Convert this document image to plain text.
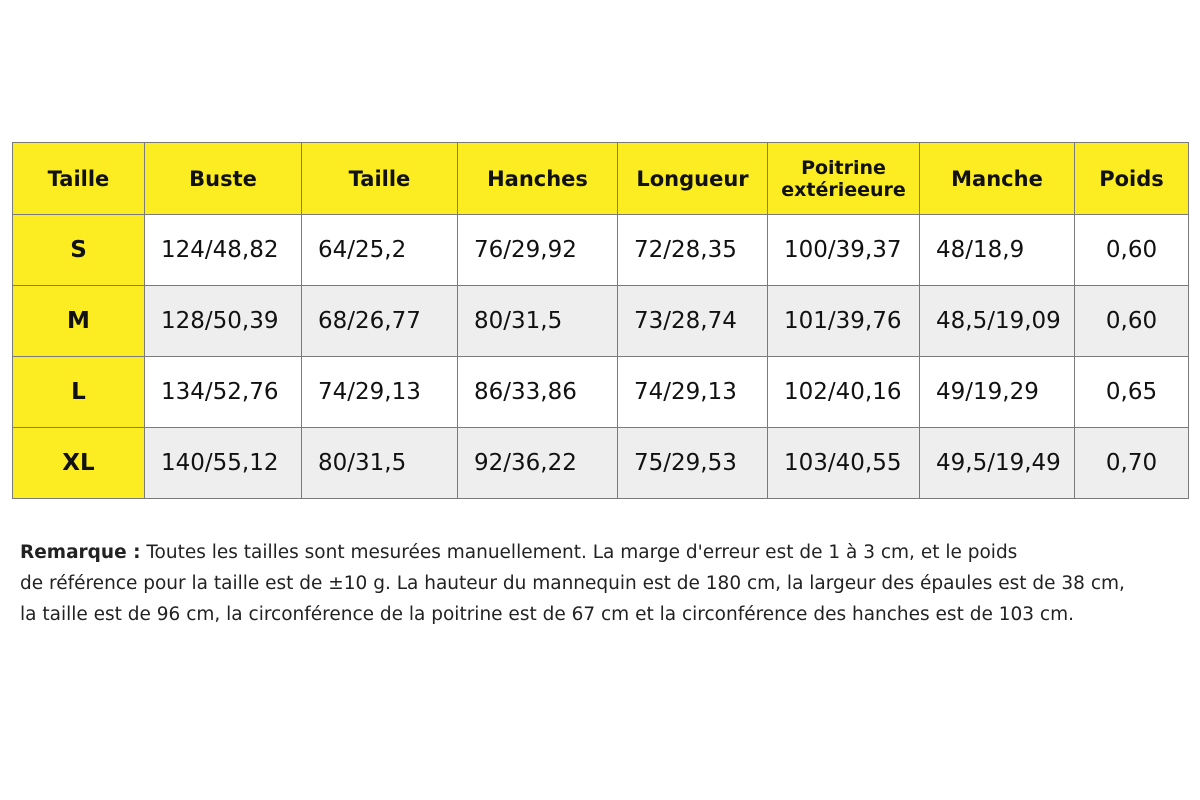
Taille	Buste	Taille	Hanches	Longueur	Poitrine extérieeure	Manche	Poids
S	124/48,82	64/25,2	76/29,92	72/28,35	100/39,37	48/18,9	0,60
M	128/50,39	68/26,77	80/31,5	73/28,74	101/39,76	48,5/19,09	0,60
L	134/52,76	74/29,13	86/33,86	74/29,13	102/40,16	49/19,29	0,65
XL	140/55,12	80/31,5	92/36,22	75/29,53	103/40,55	49,5/19,49	0,70
Remarque : Toutes les tailles sont mesurées manuellement. La marge d'erreur est de 1 à 3 cm, et le poids
de référence pour la taille est de ±10 g. La hauteur du mannequin est de 180 cm, la largeur des épaules est de 38 cm,
la taille est de 96 cm, la circonférence de la poitrine est de 67 cm et la circonférence des hanches est de 103 cm.
